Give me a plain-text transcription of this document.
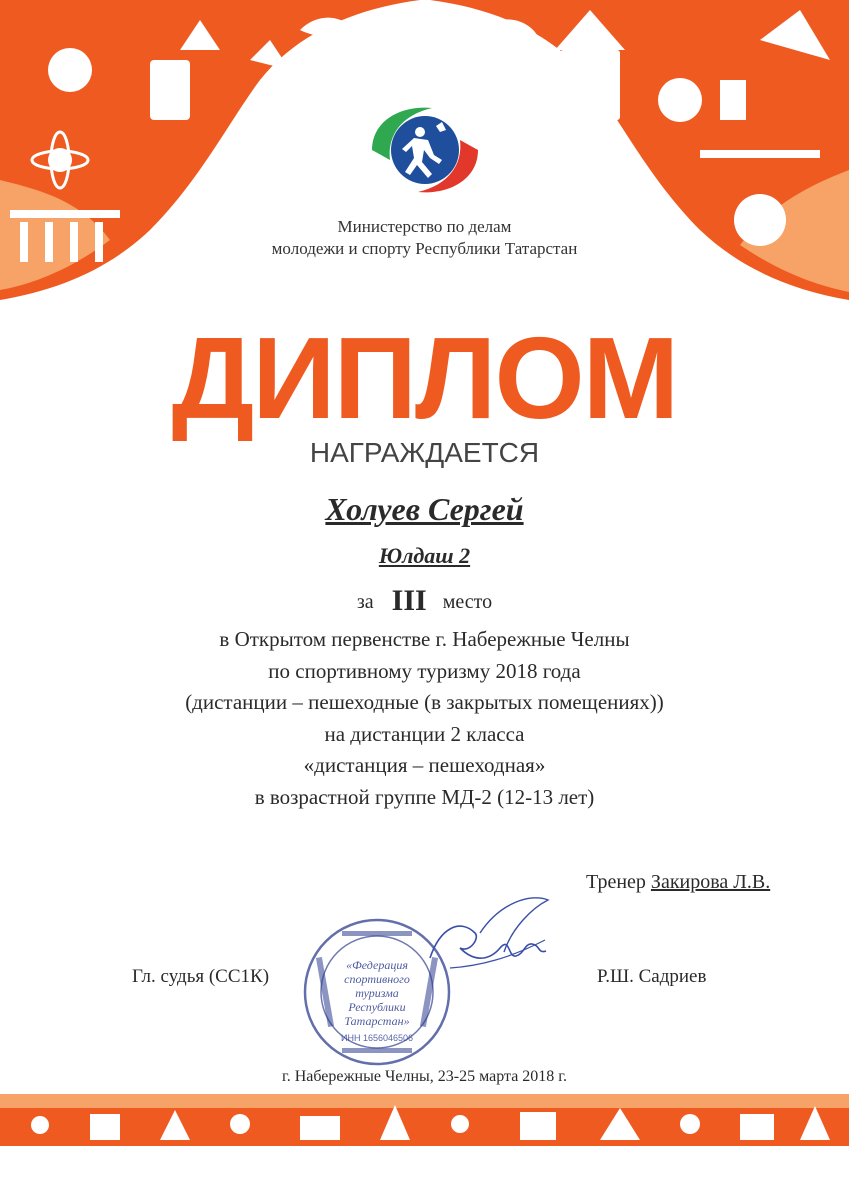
Министерство по делам
молодежи и спорту Республики Татарстан
ДИПЛОМ
НАГРАЖДАЕТСЯ
Холуев Сергей
Юлдаш 2
за III место
в Открытом первенстве г. Набережные Челны
по спортивному туризму 2018 года
(дистанции – пешеходные (в закрытых помещениях))
на дистанции 2 класса
«дистанция – пешеходная»
в возрастной группе МД-2 (12-13 лет)
Тренер Закирова Л.В.
Гл. судья (СС1К)	Р.Ш. Садриев
«Федерация
спортивного
туризма
Республики
Татарстан»
ИНН 1656046506
г. Набережные Челны, 23-25 марта 2018 г.
